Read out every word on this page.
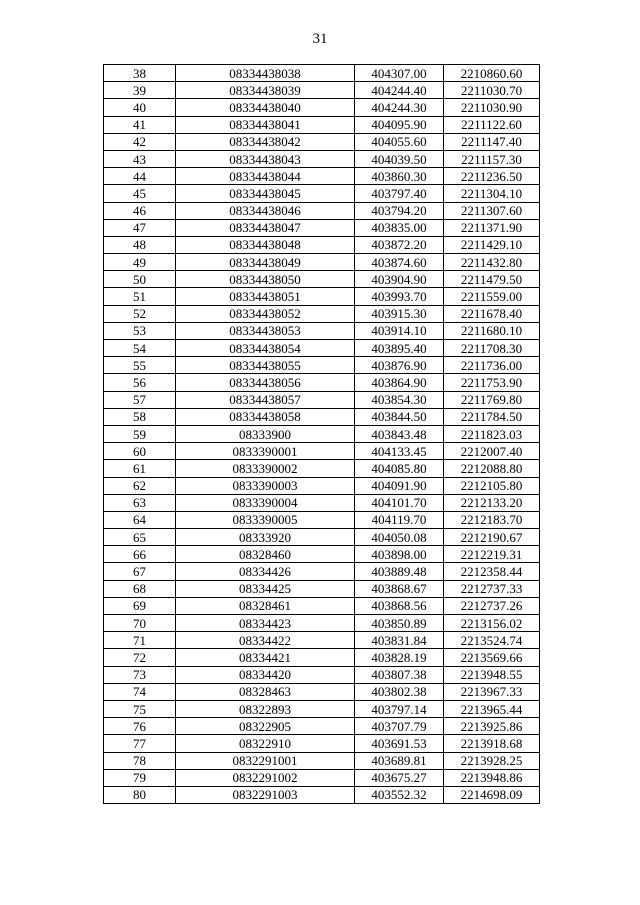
31
38	08334438038	404307.00	2210860.60
39	08334438039	404244.40	2211030.70
40	08334438040	404244.30	2211030.90
41	08334438041	404095.90	2211122.60
42	08334438042	404055.60	2211147.40
43	08334438043	404039.50	2211157.30
44	08334438044	403860.30	2211236.50
45	08334438045	403797.40	2211304.10
46	08334438046	403794.20	2211307.60
47	08334438047	403835.00	2211371.90
48	08334438048	403872.20	2211429.10
49	08334438049	403874.60	2211432.80
50	08334438050	403904.90	2211479.50
51	08334438051	403993.70	2211559.00
52	08334438052	403915.30	2211678.40
53	08334438053	403914.10	2211680.10
54	08334438054	403895.40	2211708.30
55	08334438055	403876.90	2211736.00
56	08334438056	403864.90	2211753.90
57	08334438057	403854.30	2211769.80
58	08334438058	403844.50	2211784.50
59	08333900	403843.48	2211823.03
60	0833390001	404133.45	2212007.40
61	0833390002	404085.80	2212088.80
62	0833390003	404091.90	2212105.80
63	0833390004	404101.70	2212133.20
64	0833390005	404119.70	2212183.70
65	08333920	404050.08	2212190.67
66	08328460	403898.00	2212219.31
67	08334426	403889.48	2212358.44
68	08334425	403868.67	2212737.33
69	08328461	403868.56	2212737.26
70	08334423	403850.89	2213156.02
71	08334422	403831.84	2213524.74
72	08334421	403828.19	2213569.66
73	08334420	403807.38	2213948.55
74	08328463	403802.38	2213967.33
75	08322893	403797.14	2213965.44
76	08322905	403707.79	2213925.86
77	08322910	403691.53	2213918.68
78	0832291001	403689.81	2213928.25
79	0832291002	403675.27	2213948.86
80	0832291003	403552.32	2214698.09
